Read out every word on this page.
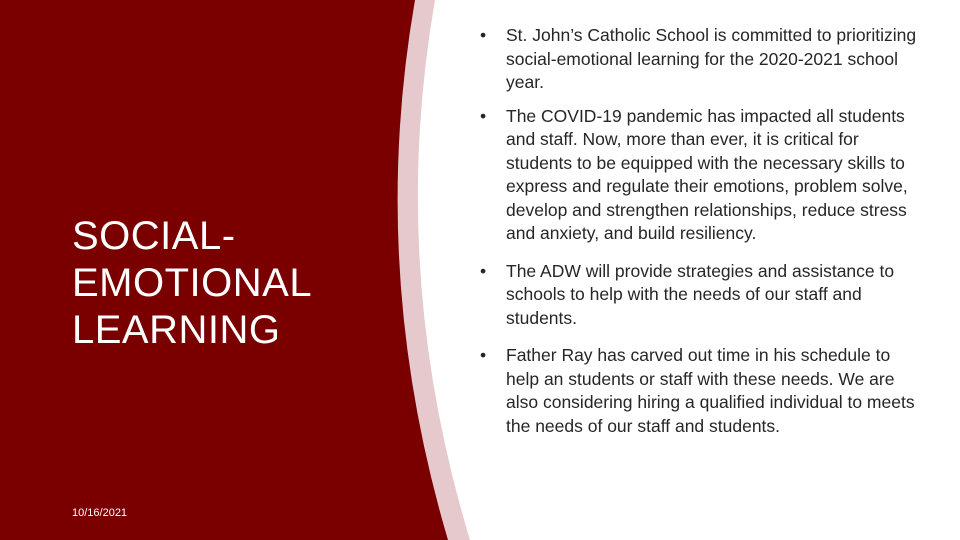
SOCIAL-
EMOTIONAL
LEARNING
10/16/2021
• St. John’s Catholic School is committed to prioritizing social-emotional learning for the 2020-2021 school year.
• The COVID-19 pandemic has impacted all students and staff. Now, more than ever, it is critical for students to be equipped with the necessary skills to express and regulate their emotions, problem solve, develop and strengthen relationships, reduce stress and anxiety, and build resiliency.
• The ADW will provide strategies and assistance to schools to help with the needs of our staff and students.
• Father Ray has carved out time in his schedule to help an students or staff with these needs. We are also considering hiring a qualified individual to meets the needs of our staff and students.
